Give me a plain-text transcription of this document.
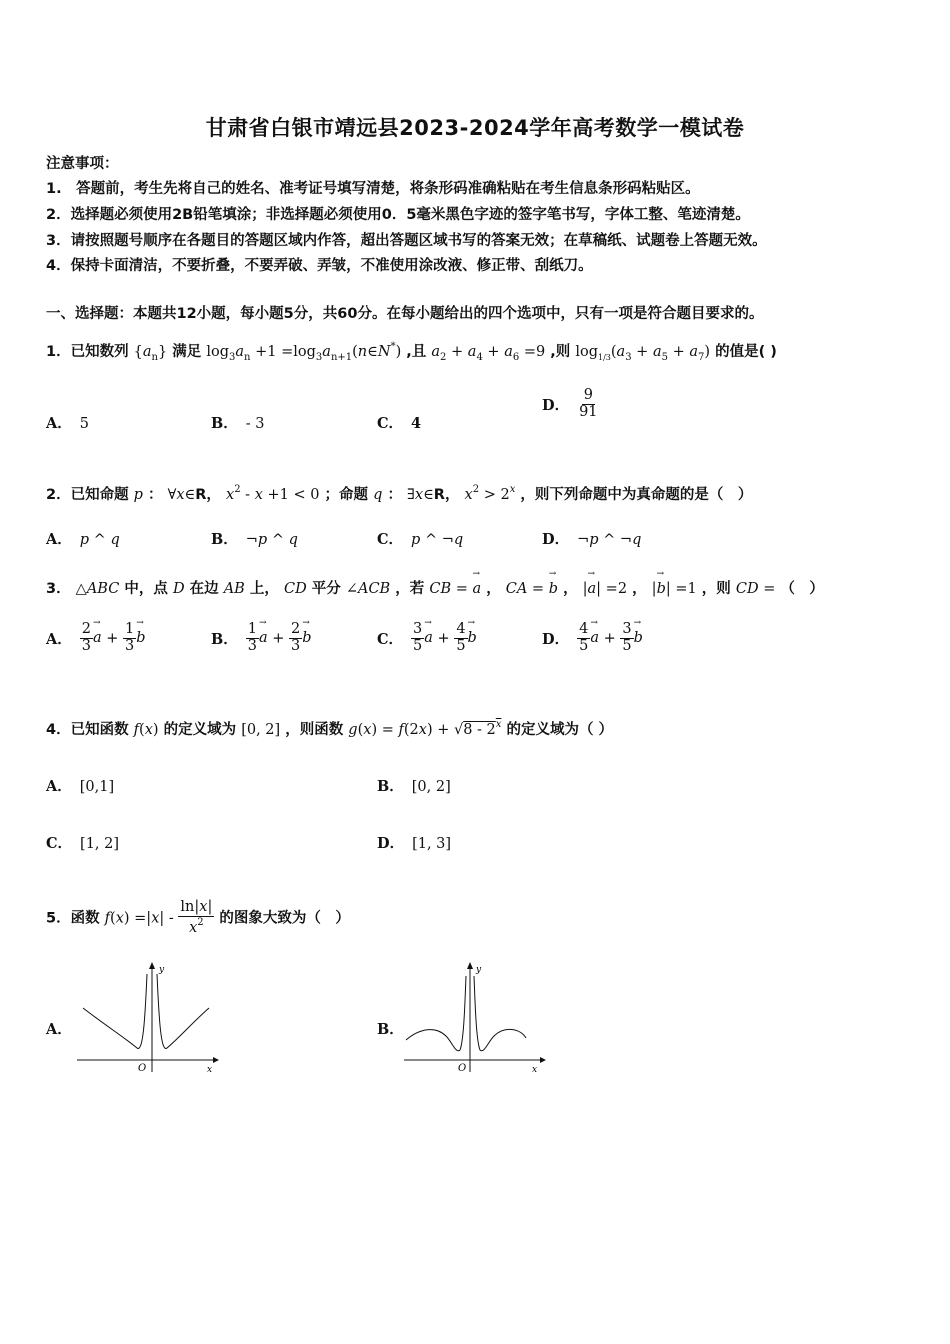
甘肃省白银市靖远县2023-2024学年高考数学一模试卷
注意事项：
1.　答题前，考生先将自己的姓名、准考证号填写清楚，将条形码准确粘贴在考生信息条形码粘贴区。
2．选择题必须使用2B铅笔填涂；非选择题必须使用0．5毫米黑色字迹的签字笔书写，字体工整、笔迹清楚。
3．请按照题号顺序在各题目的答题区域内作答，超出答题区域书写的答案无效；在草稿纸、试题卷上答题无效。
4．保持卡面清洁，不要折叠，不要弄破、弄皱，不准使用涂改液、修正带、刮纸刀。
一、选择题：本题共12小题，每小题5分，共60分。在每小题给出的四个选项中，只有一项是符合题目要求的。
1．已知数列 $\{a_n\}$ 满足 $\log_3a_n +1$ $=\log_3a_{n+1}(n\in N^*)$ ,且 $a_2 + a_4 + a_6 =9$ ,则 $\log_{1/3}(a_3 + a_5 + a_7)$ 的值是( )
A． 5	B． - 3	C． 4
D． $\frac{9}{91}$
2．已知命题 p ： ∀x∈R， $x^2 - x +1 < 0$ ；命题 q ： ∃x∈R， $x^2 > 2^x$ ，则下列命题中为真命题的是（　）
A． p ^ q	B． ¬p ^ q	C． p ^ ¬q	D． ¬p ^ ¬q
3． △ABC 中，点 D 在边 AB 上， CD 平分 ∠ACB ，若 CB = → a ， CA = → b ， |→ a| =2 ， |→ b| =1 ，则 CD = （　）
A． $\frac{2}{3} \to a + \frac{1}{3} \to b$	B． $\frac{1}{3} \to a + \frac{2}{3} \to b$	C． $\frac{3}{5} \to a + \frac{4}{5} \to b$	D． $\frac{4}{5} \to a + \frac{3}{5} \to b$
4．已知函数 f(x) 的定义域为 [0, 2] ，则函数 g(x) = f(2x) + √8 - 2$^x$ 的定义域为（ ）
A． [0,1]	B． [0, 2]
C． [1, 2]	D． [1, 3]
5．函数 $f(x) =|x| - \frac{\ln|x|}{x^2}$ 的图象大致为（　）
A．
y
x
O
B．
y
x
O
